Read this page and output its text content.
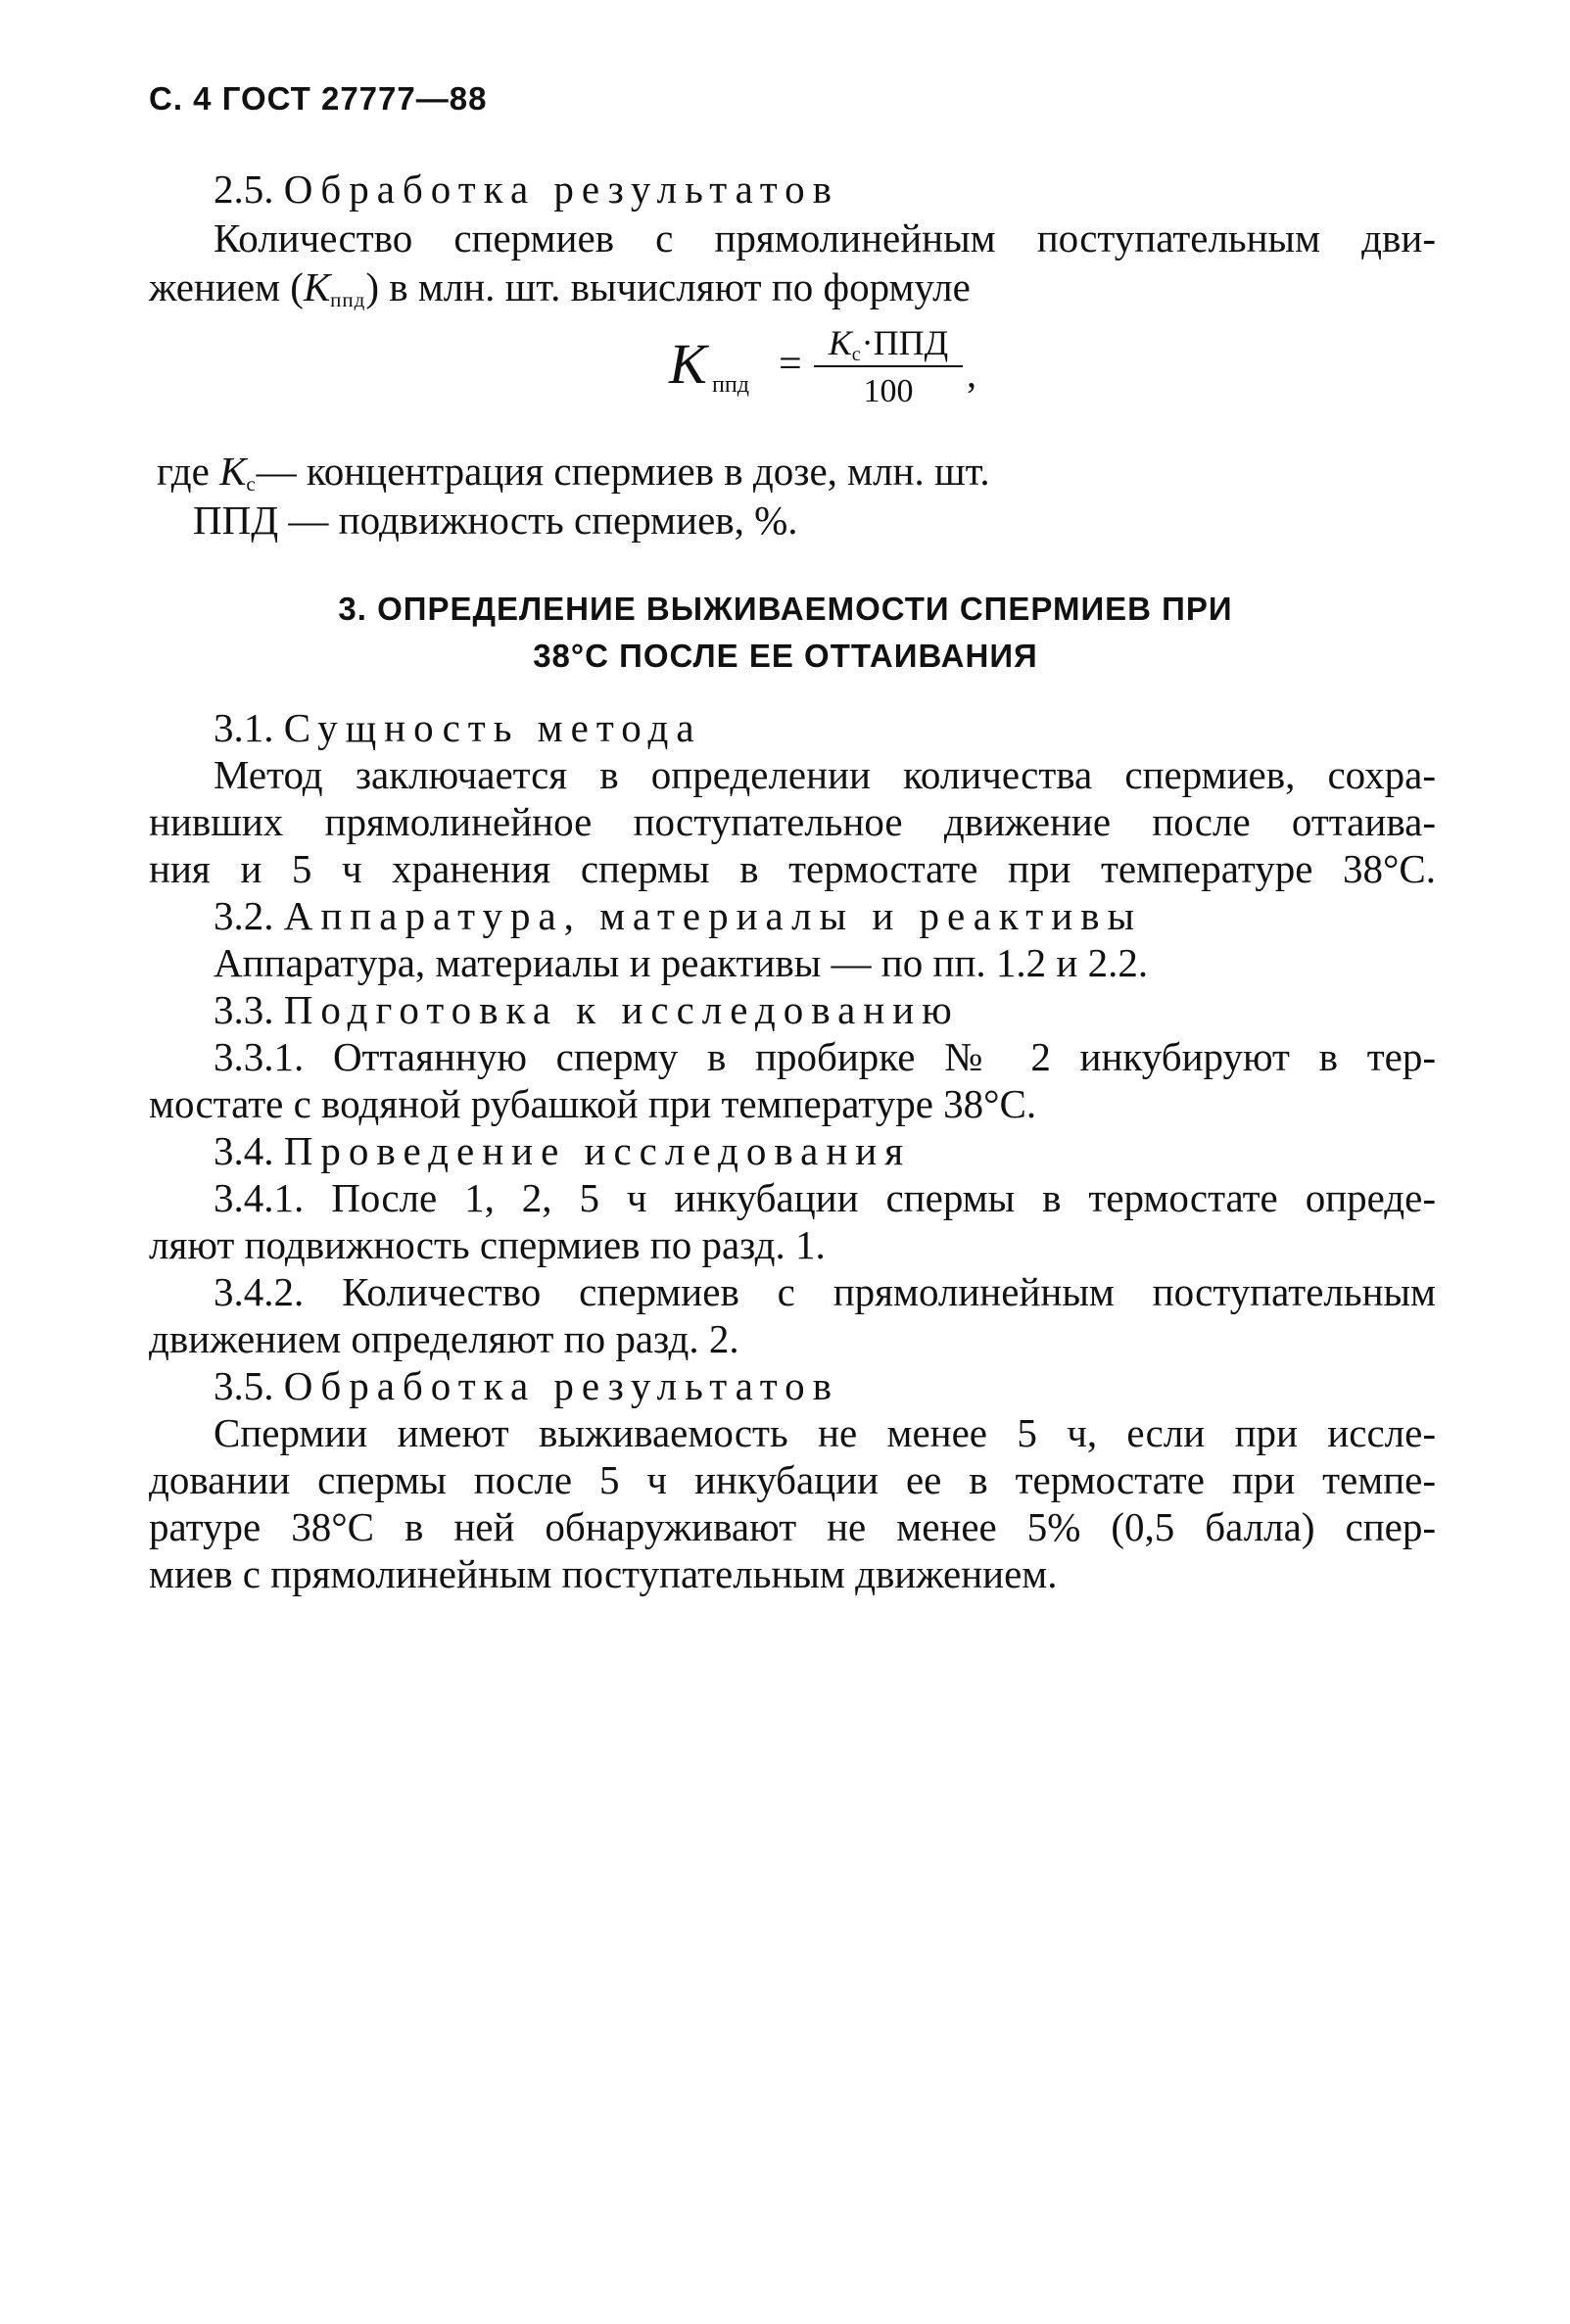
С. 4 ГОСТ 27777—88
2.5. Обработка результатов
Количество спермиев с прямолинейным поступательным дви-
жением $(К_{ппд})$ в млн. шт. вычисляют по формуле
К ппд = $К_с\cdot ППД$
100	,
где $К_с—$ концентрация спермиев в дозе, млн. шт.
ППД — подвижность спермиев, %.
3. ОПРЕДЕЛЕНИЕ ВЫЖИВАЕМОСТИ СПЕРМИЕВ ПРИ
38°С ПОСЛЕ ЕЕ ОТТАИВАНИЯ
3.1. Сущность метода
Метод заключается в определении количества спермиев, сохра-
нивших прямолинейное поступательное движение после оттаива-
ния и 5 ч хранения спермы в термостате при температуре 38°С.
3.2. Аппаратура, материалы и реактивы
Аппаратура, материалы и реактивы — по пп. 1.2 и 2.2.
3.3. Подготовка к исследованию
3.3.1. Оттаянную сперму в пробирке № 2 инкубируют в тер-
мостате с водяной рубашкой при температуре 38°С.
3.4. Проведение исследования
3.4.1. После 1, 2, 5 ч инкубации спермы в термостате опреде-
ляют подвижность спермиев по разд. 1.
3.4.2. Количество спермиев с прямолинейным поступательным
движением определяют по разд. 2.
3.5. Обработка результатов
Спермии имеют выживаемость не менее 5 ч, если при иссле-
довании спермы после 5 ч инкубации ее в термостате при темпе-
ратуре 38°С в ней обнаруживают не менее 5% (0,5 балла) спер-
миев с прямолинейным поступательным движением.
